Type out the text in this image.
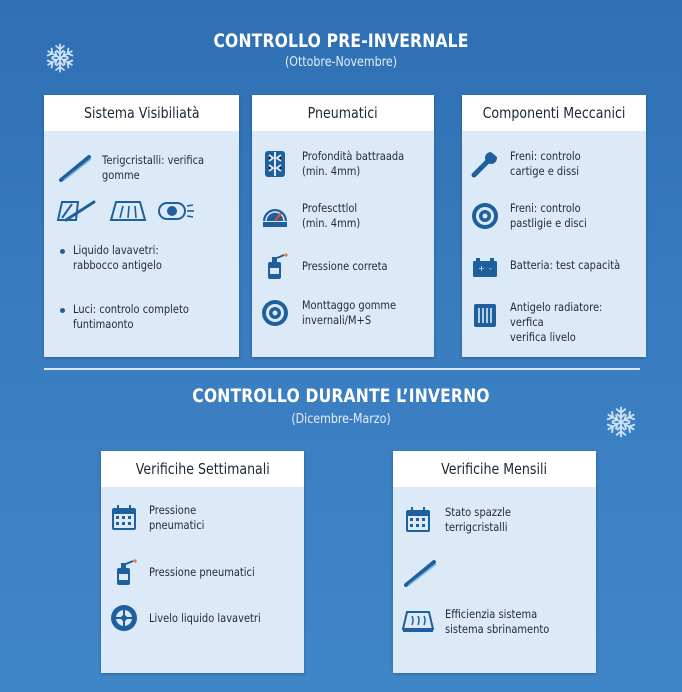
CONTROLLO PRE-INVERNALE
(Ottobre-Novembre)
Sistema Visibiliatà
Terigcristalli: verifica
gomme
Liquido lavavetri:
rabbocco antigelo
Luci: controlo completo
funtimaonto
Pneumatici
Profondità battraada
(min. 4mm)
Profescttlol
(min. 4mm)
Pressione correta
Monttaggo gomme
invernali/M+S
Componenti Meccanici
Freni: controlo
cartige e dissi
Freni: controlo
pastligie e disci
Batteria: test capacità
Antigelo radiatore: verfica
verifica livelo
CONTROLLO DURANTE L’INVERNO
(Dicembre-Marzo)
Verificihe Settimanali
Pressione
pneumatici
Pressione pneumatici
Livelo liquido lavavetri
Verificihe Mensili
Stato spazzle
terrigcristalli
Efficienzia sistema
sistema sbrinamento
